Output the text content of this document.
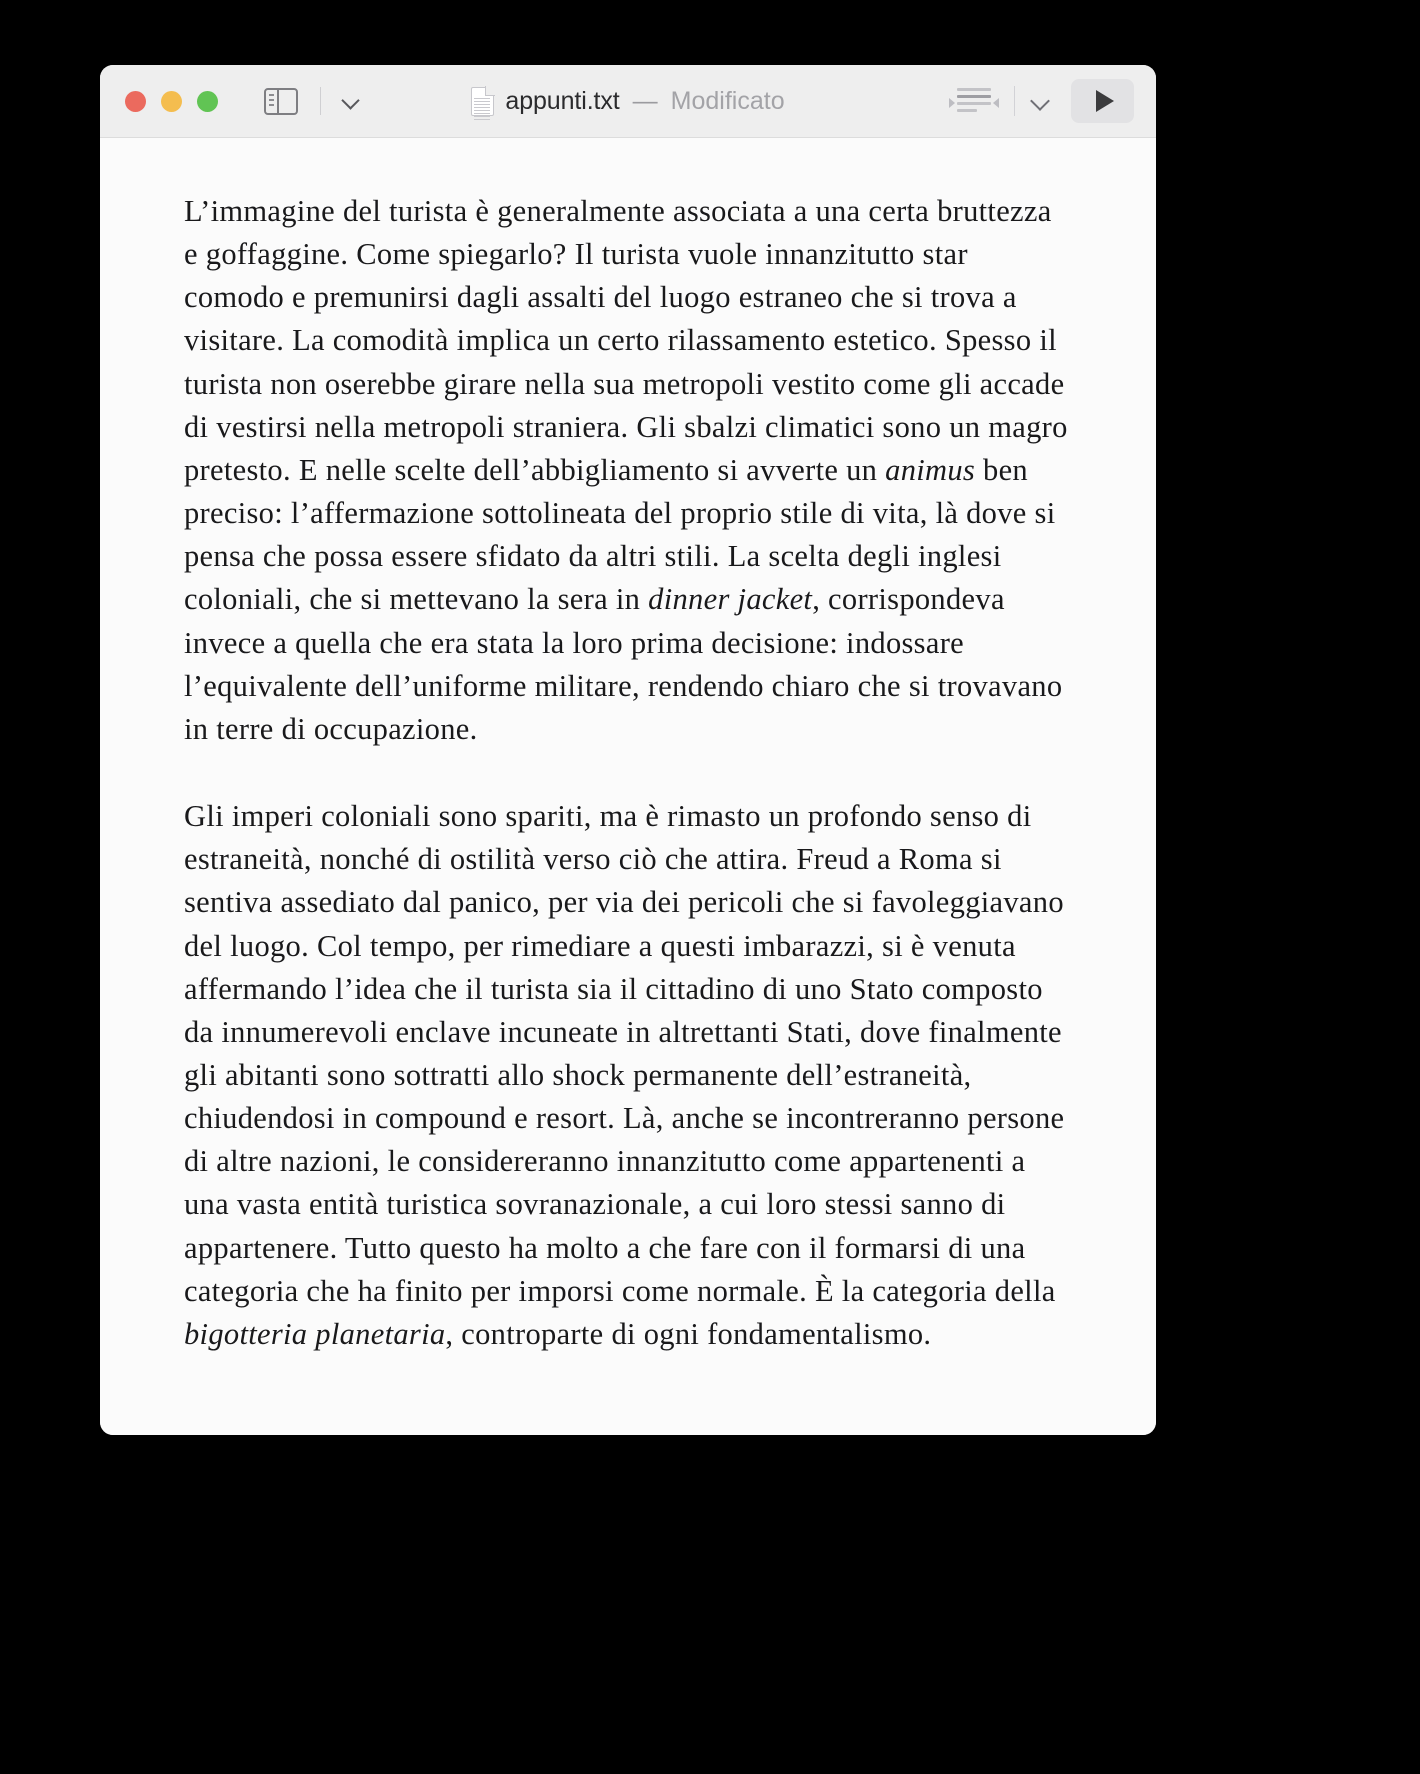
appunti.txt — Modificato

L’immagine del turista è generalmente associata a una certa bruttezza e goffaggine. Come spiegarlo? Il turista vuole innanzitutto star comodo e premunirsi dagli assalti del luogo estraneo che si trova a visitare. La comodità implica un certo rilassamento estetico. Spesso il turista non oserebbe girare nella sua metropoli vestito come gli accade di vestirsi nella metropoli straniera. Gli sbalzi climatici sono un magro pretesto. E nelle scelte dell’abbigliamento si avverte un animus ben preciso: l’affermazione sottolineata del proprio stile di vita, là dove si pensa che possa essere sfidato da altri stili. La scelta degli inglesi coloniali, che si mettevano la sera in dinner jacket, corrispondeva invece a quella che era stata la loro prima decisione: indossare l’equivalente dell’uniforme militare, rendendo chiaro che si trovavano in terre di occupazione.

Gli imperi coloniali sono spariti, ma è rimasto un profondo senso di estraneità, nonché di ostilità verso ciò che attira. Freud a Roma si sentiva assediato dal panico, per via dei pericoli che si favoleggiavano del luogo. Col tempo, per rimediare a questi imbarazzi, si è venuta affermando l’idea che il turista sia il cittadino di uno Stato composto da innumerevoli enclave incuneate in altrettanti Stati, dove finalmente gli abitanti sono sottratti allo shock permanente dell’estraneità, chiudendosi in compound e resort. Là, anche se incontreranno persone di altre nazioni, le considereranno innanzitutto come appartenenti a una vasta entità turistica sovranazionale, a cui loro stessi sanno di appartenere. Tutto questo ha molto a che fare con il formarsi di una categoria che ha finito per imporsi come normale. È la categoria della bigotteria planetaria, controparte di ogni fondamentalismo.
